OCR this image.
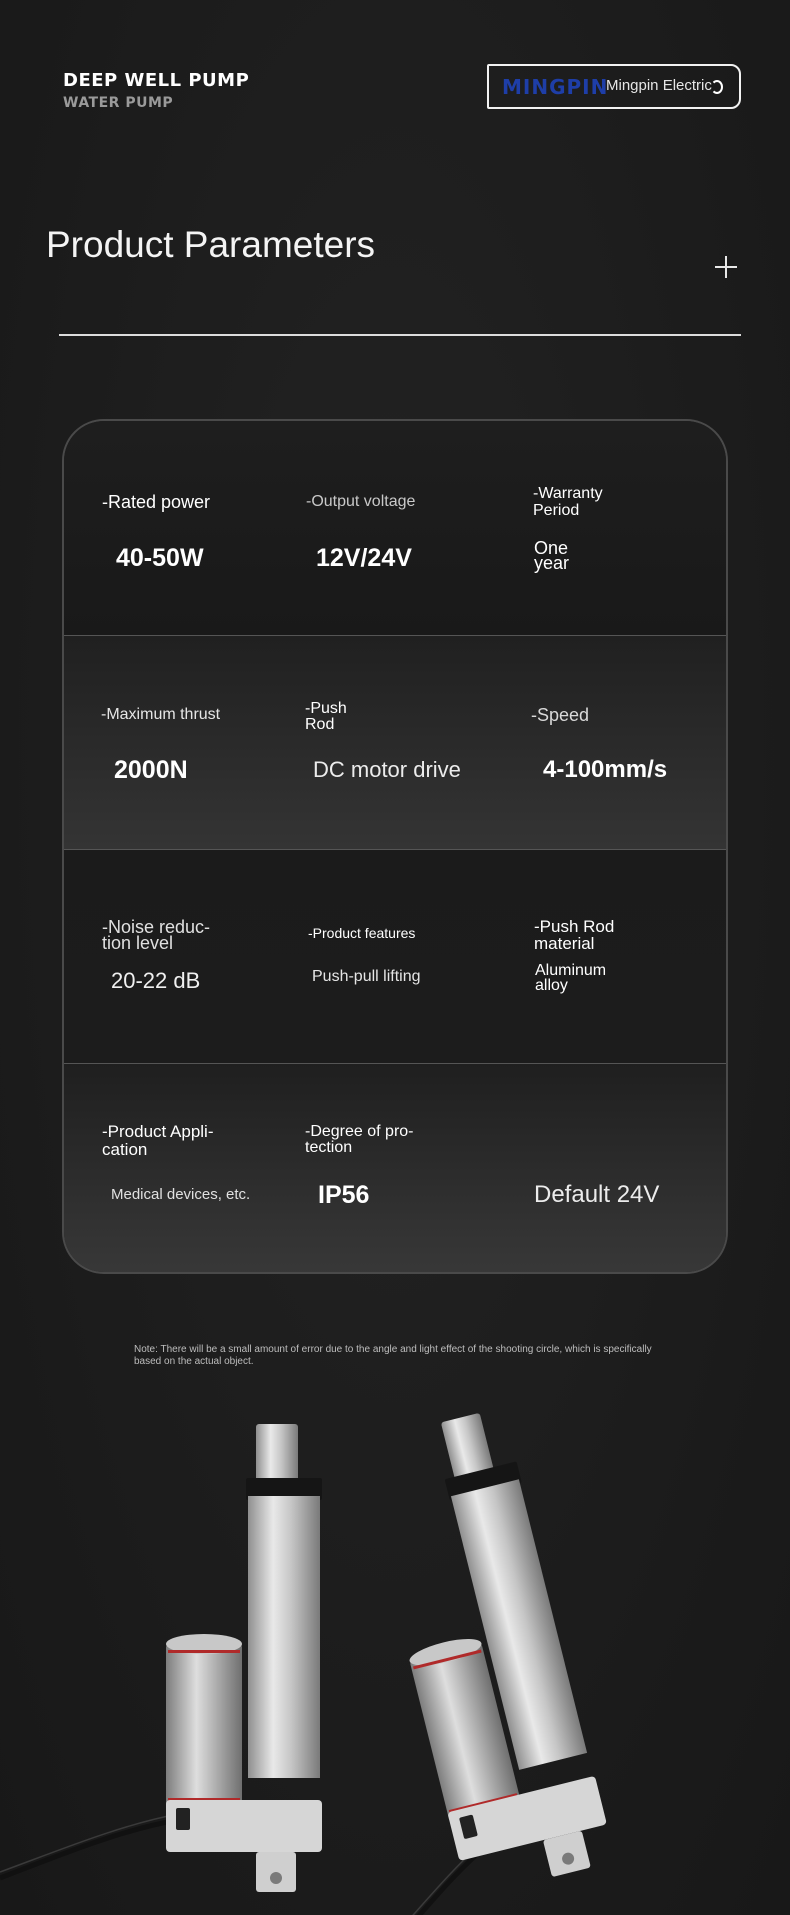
DEEP WELL PUMP
WATER PUMP
MINGPIN
Mingpin Electric
Product Parameters
-Rated power
40-50W
-Output voltage
12V/24V
-Warranty
Period
One
year
-Maximum thrust
2000N
-Push
Rod
DC motor drive
-Speed
4-100mm/s
-Noise reduc-
tion level
20-22 dB
-Product features
Push-pull lifting
-Push Rod
material
Aluminum
alloy
-Product Appli-
cation
Medical devices, etc.
-Degree of pro-
tection
IP56	Default 24V
Note: There will be a small amount of error due to the angle and light effect of the shooting circle, which is specifically based on the actual object.
